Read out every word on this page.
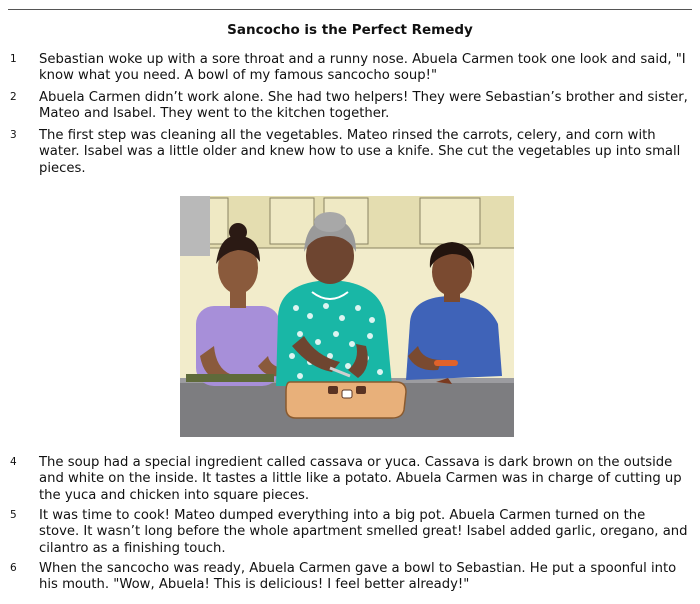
Sancocho is the Perfect Remedy
1 Sebastian woke up with a sore throat and a runny nose. Abuela Carmen took one look and said, "I know what you need. A bowl of my famous sancocho soup!"
2 Abuela Carmen didn’t work alone. She had two helpers! They were Sebastian’s brother and sister, Mateo and Isabel. They went to the kitchen together.
3 The first step was cleaning all the vegetables. Mateo rinsed the carrots, celery, and corn with water. Isabel was a little older and knew how to use a knife. She cut the vegetables up into small pieces.
4 The soup had a special ingredient called cassava or yuca. Cassava is dark brown on the outside and white on the inside. It tastes a little like a potato. Abuela Carmen was in charge of cutting up the yuca and chicken into square pieces.
5 It was time to cook! Mateo dumped everything into a big pot. Abuela Carmen turned on the stove. It wasn’t long before the whole apartment smelled great! Isabel added garlic, oregano, and cilantro as a finishing touch.
6 When the sancocho was ready, Abuela Carmen gave a bowl to Sebastian. He put a spoonful into his mouth. "Wow, Abuela! This is delicious! I feel better already!"
